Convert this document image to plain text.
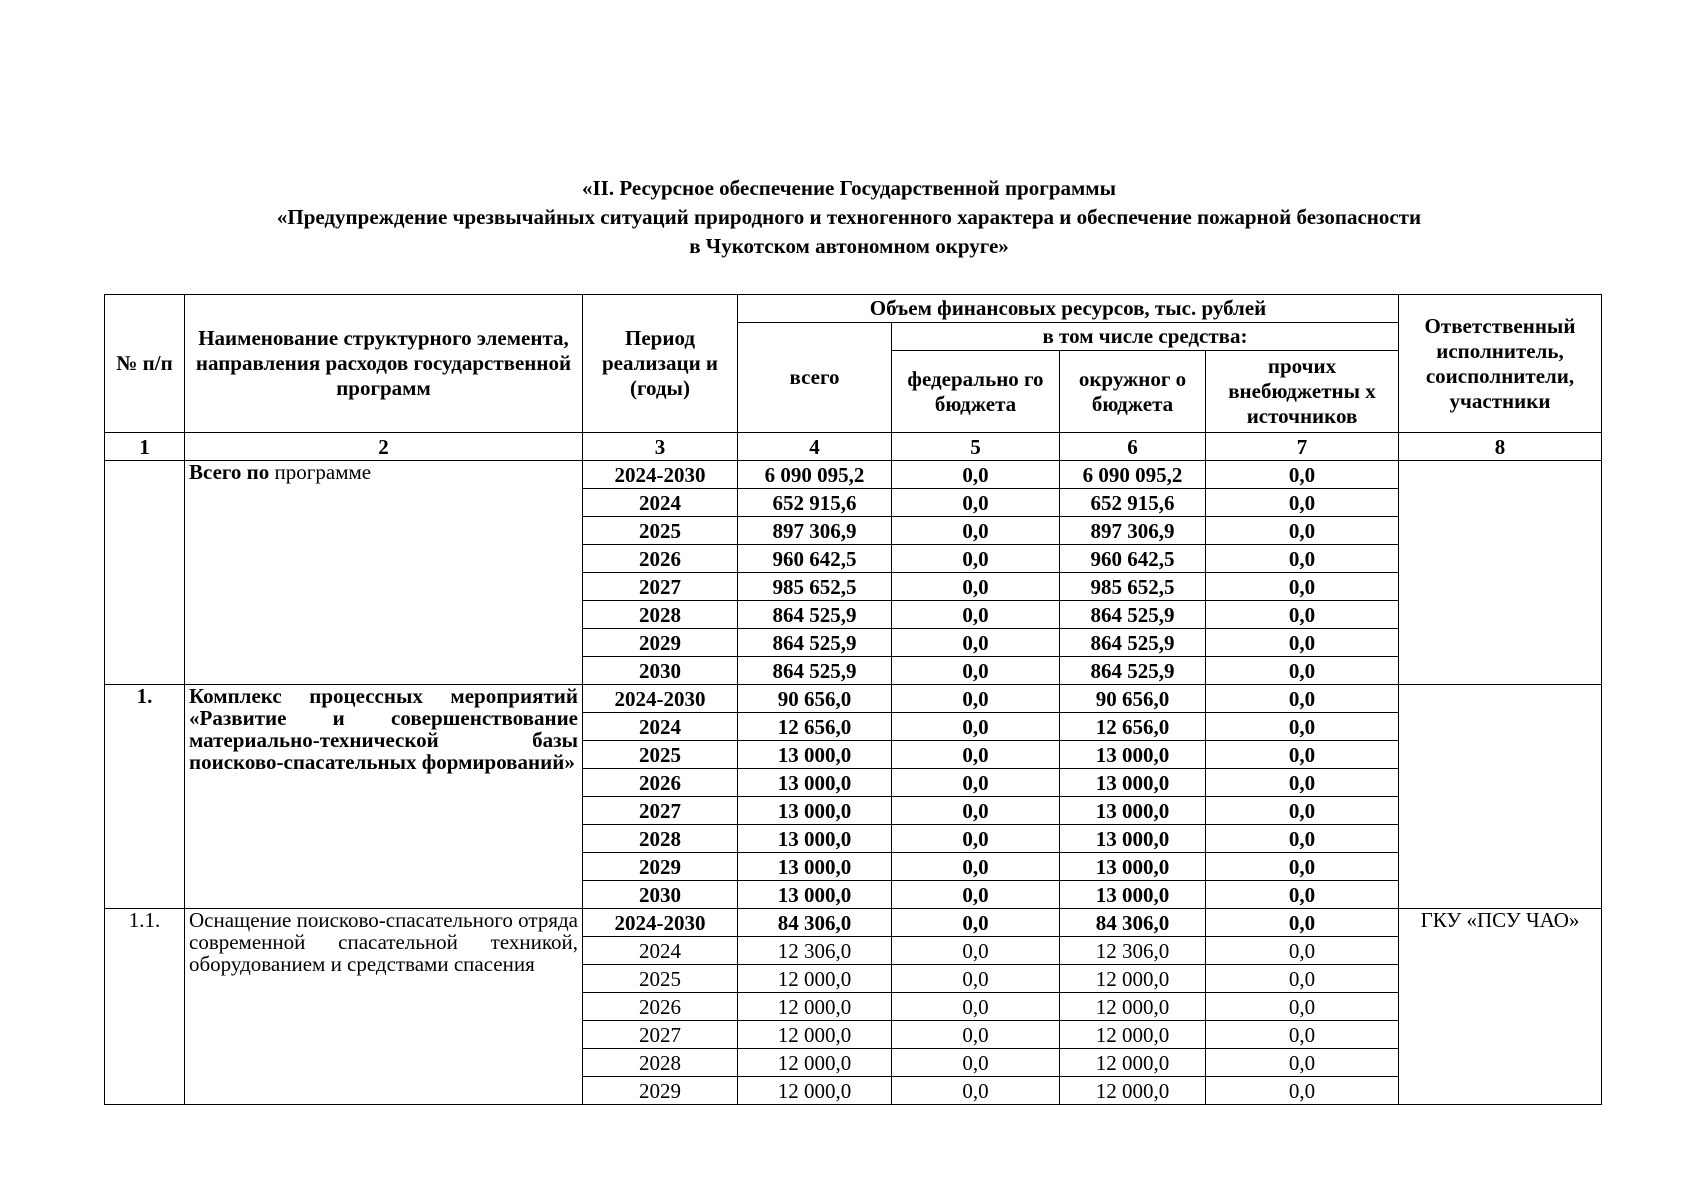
«II. Ресурсное обеспечение Государственной программы
«Предупреждение чрезвычайных ситуаций природного и техногенного характера и обеспечение пожарной безопасности
в Чукотском автономном округе»
№ п/п	Наименование структурного элемента, направления расходов государственной программ	Период реализаци и (годы)	Объем финансовых ресурсов, тыс. рублей				Ответственный исполнитель, соисполнители, участники
			всего	в том числе средства:			
				федерально го бюджета	окружног о бюджета	прочих внебюджетны х источников	
1	2	3	4	5	6	7	8
	Всего по программе	2024-2030	6 090 095,2	0,0	6 090 095,2	0,0	
		2024	652 915,6	0,0	652 915,6	0,0	
		2025	897 306,9	0,0	897 306,9	0,0	
		2026	960 642,5	0,0	960 642,5	0,0	
		2027	985 652,5	0,0	985 652,5	0,0	
		2028	864 525,9	0,0	864 525,9	0,0	
		2029	864 525,9	0,0	864 525,9	0,0	
		2030	864 525,9	0,0	864 525,9	0,0	
1.	Комплекс процессных мероприятий «Развитие и совершенствование материально-технической базы поисково-спасательных формирований»	2024-2030	90 656,0	0,0	90 656,0	0,0	
		2024	12 656,0	0,0	12 656,0	0,0	
		2025	13 000,0	0,0	13 000,0	0,0	
		2026	13 000,0	0,0	13 000,0	0,0	
		2027	13 000,0	0,0	13 000,0	0,0	
		2028	13 000,0	0,0	13 000,0	0,0	
		2029	13 000,0	0,0	13 000,0	0,0	
		2030	13 000,0	0,0	13 000,0	0,0	
1.1.	Оснащение поисково-спасательного отряда современной спасательной техникой, оборудованием и средствами спасения	2024-2030	84 306,0	0,0	84 306,0	0,0	ГКУ «ПСУ ЧАО»
		2024	12 306,0	0,0	12 306,0	0,0	
		2025	12 000,0	0,0	12 000,0	0,0	
		2026	12 000,0	0,0	12 000,0	0,0	
		2027	12 000,0	0,0	12 000,0	0,0	
		2028	12 000,0	0,0	12 000,0	0,0	
		2029	12 000,0	0,0	12 000,0	0,0	
